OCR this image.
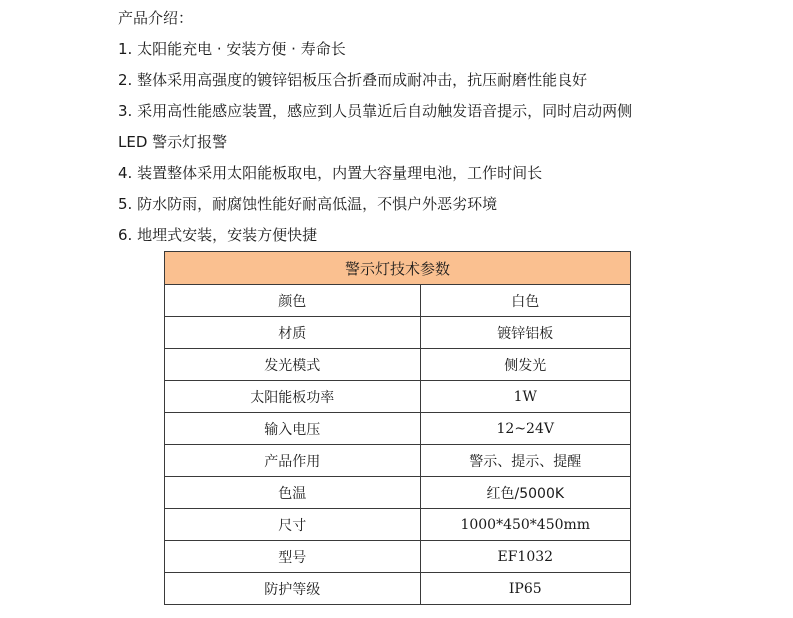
产品介绍：
1. 太阳能充电 · 安装方便 · 寿命长
2. 整体采用高强度的镀锌铝板压合折叠而成耐冲击，抗压耐磨性能良好
3. 采用高性能感应装置，感应到人员靠近后自动触发语音提示，同时启动两侧
LED 警示灯报警
4. 装置整体采用太阳能板取电，内置大容量理电池，工作时间长
5. 防水防雨，耐腐蚀性能好耐高低温，不惧户外恶劣环境
6. 地埋式安装，安装方便快捷
警示灯技术参数	
颜色	白色
材质	镀锌铝板
发光模式	侧发光
太阳能板功率	1W
输入电压	12~24V
产品作用	警示、提示、提醒
色温	红色/5000K
尺寸	1000*450*450mm
型号	EF1032
防护等级	IP65
